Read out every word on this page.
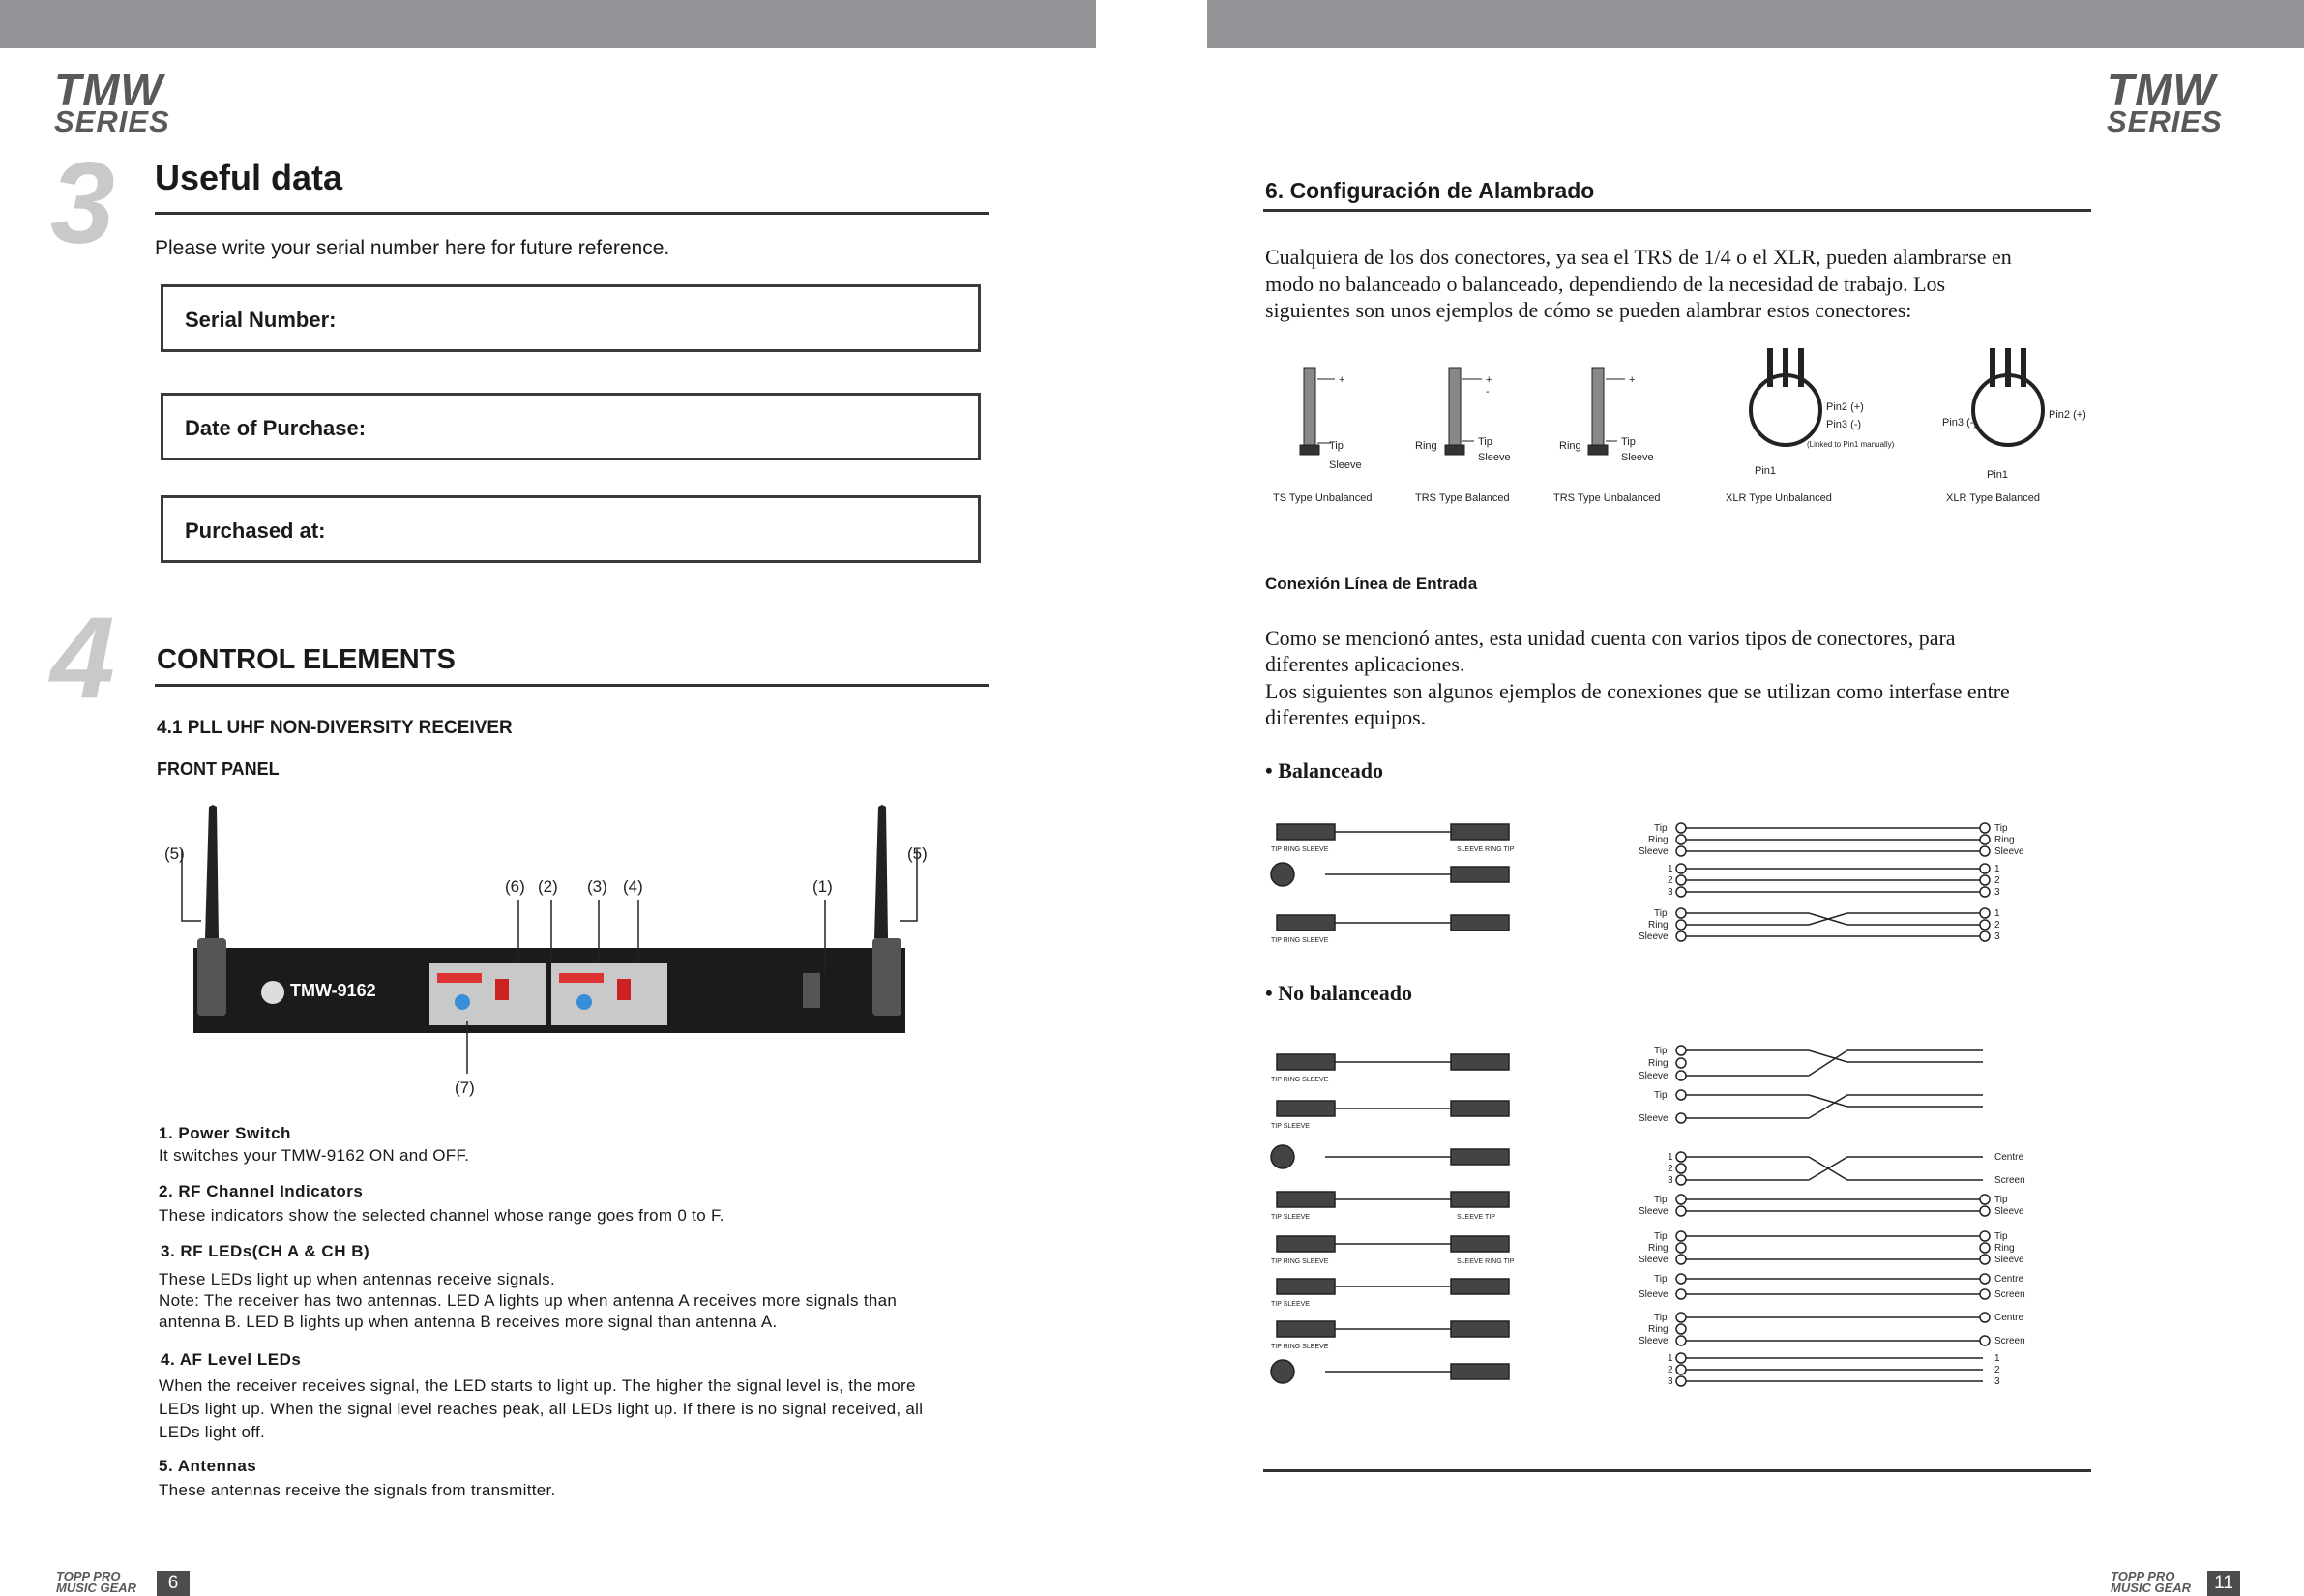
TMW
SERIES
3 Useful data
Please write your serial number here for future reference.
Serial Number:
Date of Purchase:
Purchased at:
4 CONTROL ELEMENTS
4.1 PLL UHF NON-DIVERSITY RECEIVER
FRONT PANEL
TMW-9162
(5)
(6) (2) (3) (4)	(1)
(5)
(7)
1. Power Switch
It switches your TMW-9162 ON and OFF.
2. RF Channel Indicators
These indicators show the selected channel whose range goes from 0 to F.
3. RF LEDs(CH A & CH B)
These LEDs light up when antennas receive signals.
Note: The receiver has two antennas. LED A lights up when antenna A receives more signals than
antenna B. LED B lights up when antenna B receives more signal than antenna A.
4. AF Level LEDs
When the receiver receives signal, the LED starts to light up. The higher the signal level is, the more
LEDs light up. When the signal level reaches peak, all LEDs light up. If there is no signal received, all
LEDs light off.
5. Antennas
These antennas receive the signals from transmitter.
TOPP PRO
MUSIC GEAR	6
TMW
SERIES
6. Configuración de Alambrado
Cualquiera de los dos conectores, ya sea el TRS de 1/4 o el XLR, pueden alambrarse en
modo no balanceado o balanceado, dependiendo de la necesidad de trabajo. Los
siguientes son unos ejemplos de cómo se pueden alambrar estos conectores:
+
Tip
Sleeve
+
-
Tip
Sleeve
Ring
+
Tip
Sleeve
Ring
Pin2 (+)
Pin3 (-)
(Linked to Pin1 manually)
Pin1
Pin2 (+)
Pin3 (-)
Pin1
TS Type Unbalanced	TRS Type Balanced	TRS Type Unbalanced	XLR Type Unbalanced	XLR Type Balanced
Conexión Línea de Entrada
Como se mencionó antes, esta unidad cuenta con varios tipos de conectores, para
diferentes aplicaciones.
Los siguientes son algunos ejemplos de conexiones que se utilizan como interfase entre
diferentes equipos.
• Balanceado
TIP RING SLEEVE	SLEEVE RING TIP
TIP RING SLEEVE
Tip
Ring
Sleeve
Tip
Ring
Sleeve
1
2
3
1
2
3
Tip
Ring
Sleeve
1
2
3
• No balanceado
TIP RING SLEEVE
TIP SLEEVE
TIP SLEEVE	SLEEVE TIP
TIP RING SLEEVE	SLEEVE RING TIP
TIP SLEEVE
TIP RING SLEEVE
Tip
Ring
Sleeve
Tip
Sleeve
1
2
3
Centre
Screen
Tip
Sleeve
Tip
Sleeve
Tip
Ring
Sleeve
Tip
Ring
Sleeve
Tip
Sleeve
Centre
Screen
Tip
Ring
Sleeve
Centre
Screen
1
2
3
1
2
3
TOPP PRO
MUSIC GEAR	11
